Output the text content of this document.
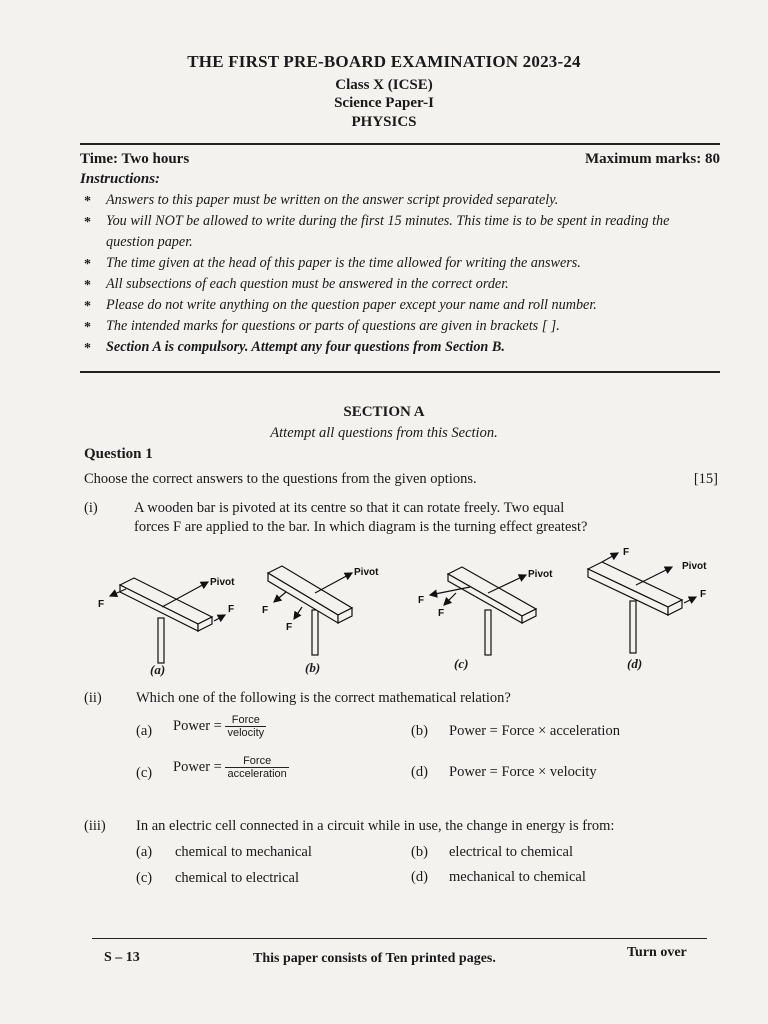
THE FIRST PRE-BOARD EXAMINATION 2023-24
Class X (ICSE)
Science Paper-I
PHYSICS
Time: Two hours	Maximum marks: 80
Instructions:
* Answers to this paper must be written on the answer script provided separately.
* You will NOT be allowed to write during the first 15 minutes. This time is to be spent in reading the question paper.
* The time given at the head of this paper is the time allowed for writing the answers.
* All subsections of each question must be answered in the correct order.
* Please do not write anything on the question paper except your name and roll number.
* The intended marks for questions or parts of questions are given in brackets [ ].
* Section A is compulsory. Attempt any four questions from Section B.
SECTION A
Attempt all questions from this Section.
Question 1
Choose the correct answers to the questions from the given options.	[15]
(i)	A wooden bar is pivoted at its centre so that it can rotate freely. Two equal
forces F are applied to the bar. In which diagram is the turning effect greatest?
Pivot
F	F
Pivot
F
F
Pivot
F
F
Pivot
F
F
(a)	(b)	(c)	(d)
(ii) Which one of the following is the correct mathematical relation?
(a) Power = $\frac{\text{Force}}{\text{velocity}}$	(b) Power = Force × acceleration
(c) Power = $\frac{\text{Force}}{\text{acceleration}}$	(d) Power = Force × velocity
(iii) In an electric cell connected in a circuit while in use, the change in energy is from:
(a) chemical to mechanical	(b) electrical to chemical
(c) chemical to electrical	(d) mechanical to chemical
S – 13	This paper consists of Ten printed pages.	Turn over
